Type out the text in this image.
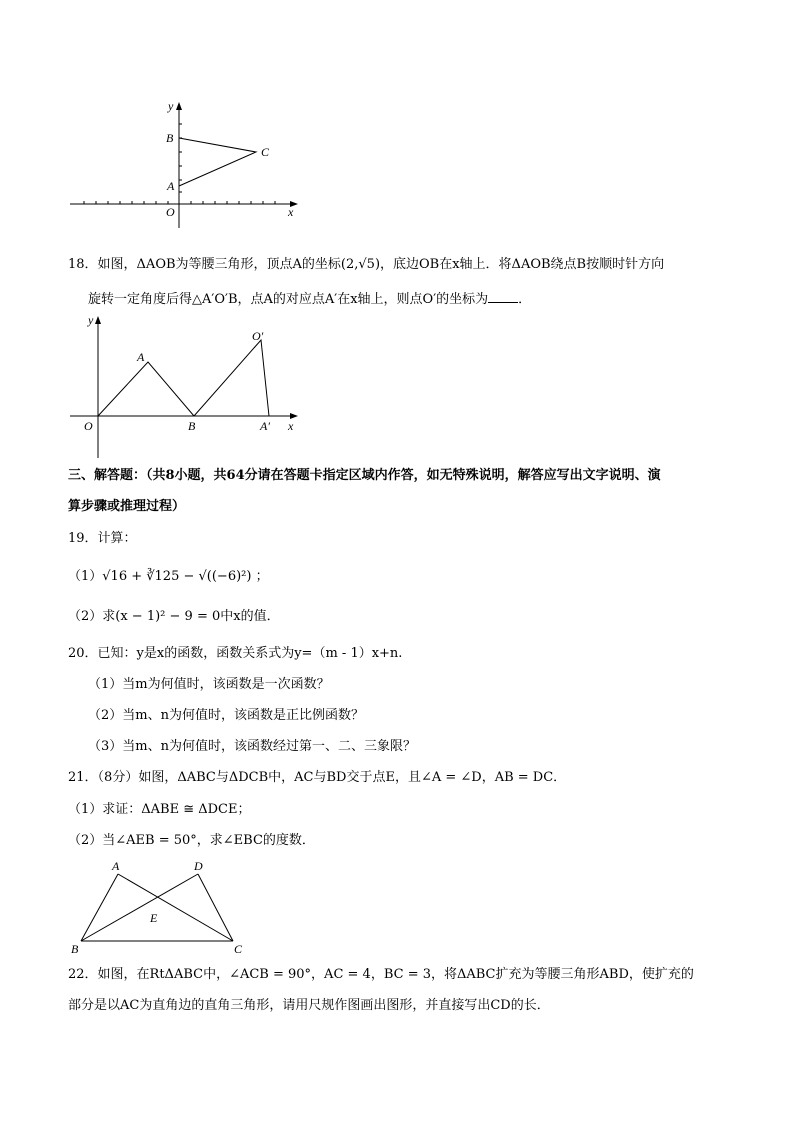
y
B
C
A
O	x
18．如图，ΔAOB为等腰三角形，顶点A的坐标(2,√5)，底边OB在x轴上．将ΔAOB绕点B按顺时针方向
旋转一定角度后得△A′O′B，点A的对应点A′在x轴上，则点O′的坐标为 ．
y
A
O′
O	B	A′ x
三、解答题：（共8小题，共64分请在答题卡指定区域内作答，如无特殊说明，解答应写出文字说明、演
算步骤或推理过程）
19．计算：
（1）√16 + ∛125 − √((−6)²) ；
（2）求(x − 1)² − 9 = 0中x的值．
20．已知：y是x的函数，函数关系式为y=（m - 1）x+n.
（1）当m为何值时，该函数是一次函数？
（2）当m、n为何值时，该函数是正比例函数？
（3）当m、n为何值时，该函数经过第一、二、三象限？
21．（8分）如图，ΔABC与ΔDCB中，AC与BD交于点E，且∠A = ∠D，AB = DC．
（1）求证：ΔABE ≅ ΔDCE；
（2）当∠AEB = 50°，求∠EBC的度数．
A	D
E
B	C
22．如图，在RtΔABC中，∠ACB = 90°，AC = 4，BC = 3，将ΔABC扩充为等腰三角形ABD，使扩充的
部分是以AC为直角边的直角三角形，请用尺规作图画出图形，并直接写出CD的长．
